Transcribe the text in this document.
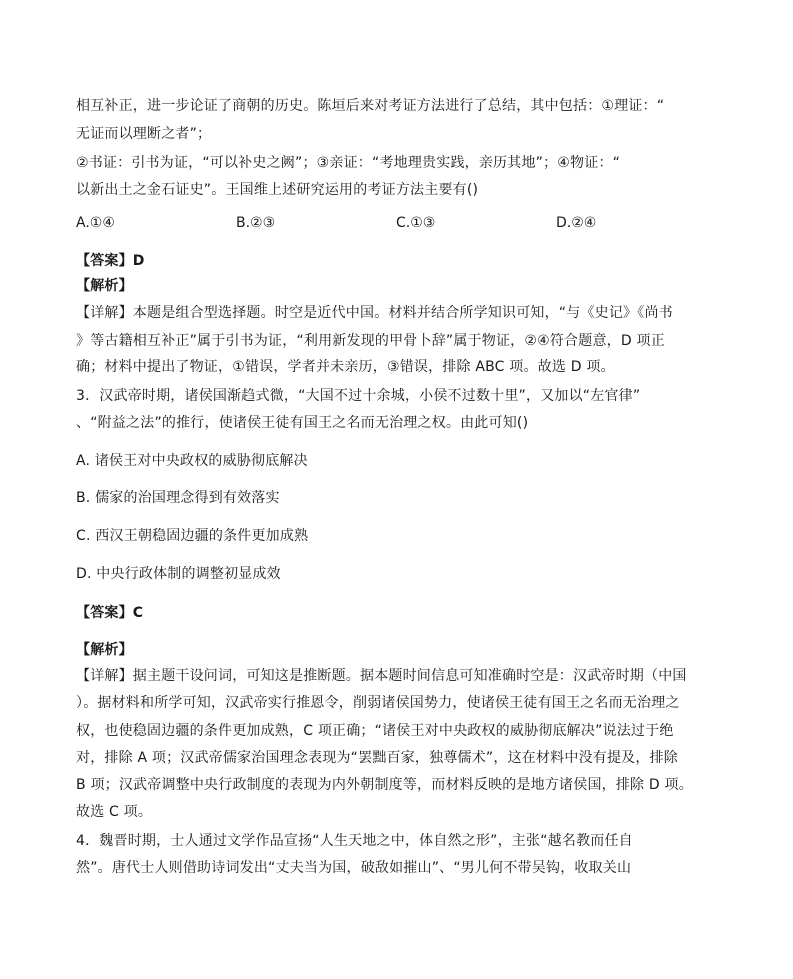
相互补正，进一步论证了商朝的历史。陈垣后来对考证方法进行了总结，其中包括：①理证：“
无证而以理断之者”；
②书证：引书为证，“可以补史之阙”；③亲证：“考地理贵实践，亲历其地”；④物证：“
以新出土之金石证史”。王国维上述研究运用的考证方法主要有()
A.①④	B.②③	C.①③	D.②④
【答案】D
【解析】
【详解】本题是组合型选择题。时空是近代中国。材料并结合所学知识可知，“与《史记》《尚书
》等古籍相互补正”属于引书为证，“利用新发现的甲骨卜辞”属于物证，②④符合题意，D 项正
确；材料中提出了物证，①错误，学者并未亲历，③错误，排除 ABC 项。故选 D 项。
3．汉武帝时期，诸侯国渐趋式微，“大国不过十余城，小侯不过数十里”，又加以“左官律”
、“附益之法”的推行，使诸侯王徒有国王之名而无治理之权。由此可知()
A. 诸侯王对中央政权的威胁彻底解决
B. 儒家的治国理念得到有效落实
C. 西汉王朝稳固边疆的条件更加成熟
D. 中央行政体制的调整初显成效
【答案】C
【解析】
【详解】据主题干设问词，可知这是推断题。据本题时间信息可知准确时空是：汉武帝时期（中国
）。据材料和所学可知，汉武帝实行推恩令，削弱诸侯国势力，使诸侯王徒有国王之名而无治理之
权，也使稳固边疆的条件更加成熟，C 项正确；“诸侯王对中央政权的威胁彻底解决”说法过于绝
对，排除 A 项；汉武帝儒家治国理念表现为“罢黜百家，独尊儒术”，这在材料中没有提及，排除
B 项；汉武帝调整中央行政制度的表现为内外朝制度等，而材料反映的是地方诸侯国，排除 D 项。
故选 C 项。
4．魏晋时期，士人通过文学作品宣扬“人生天地之中，体自然之形”，主张“越名教而任自
然”。唐代士人则借助诗词发出“丈夫当为国，破敌如摧山”、“男儿何不带吴钩，收取关山
